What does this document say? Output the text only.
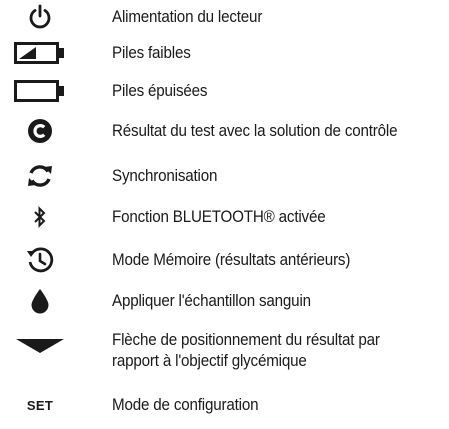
Alimentation du lecteur
Piles faibles
Piles épuisées
Résultat du test avec la solution de contrôle
Synchronisation
Fonction BLUETOOTH® activée
Mode Mémoire (résultats antérieurs)
Appliquer l'échantillon sanguin
Flèche de positionnement du résultat par
rapport à l'objectif glycémique
SET	Mode de configuration
